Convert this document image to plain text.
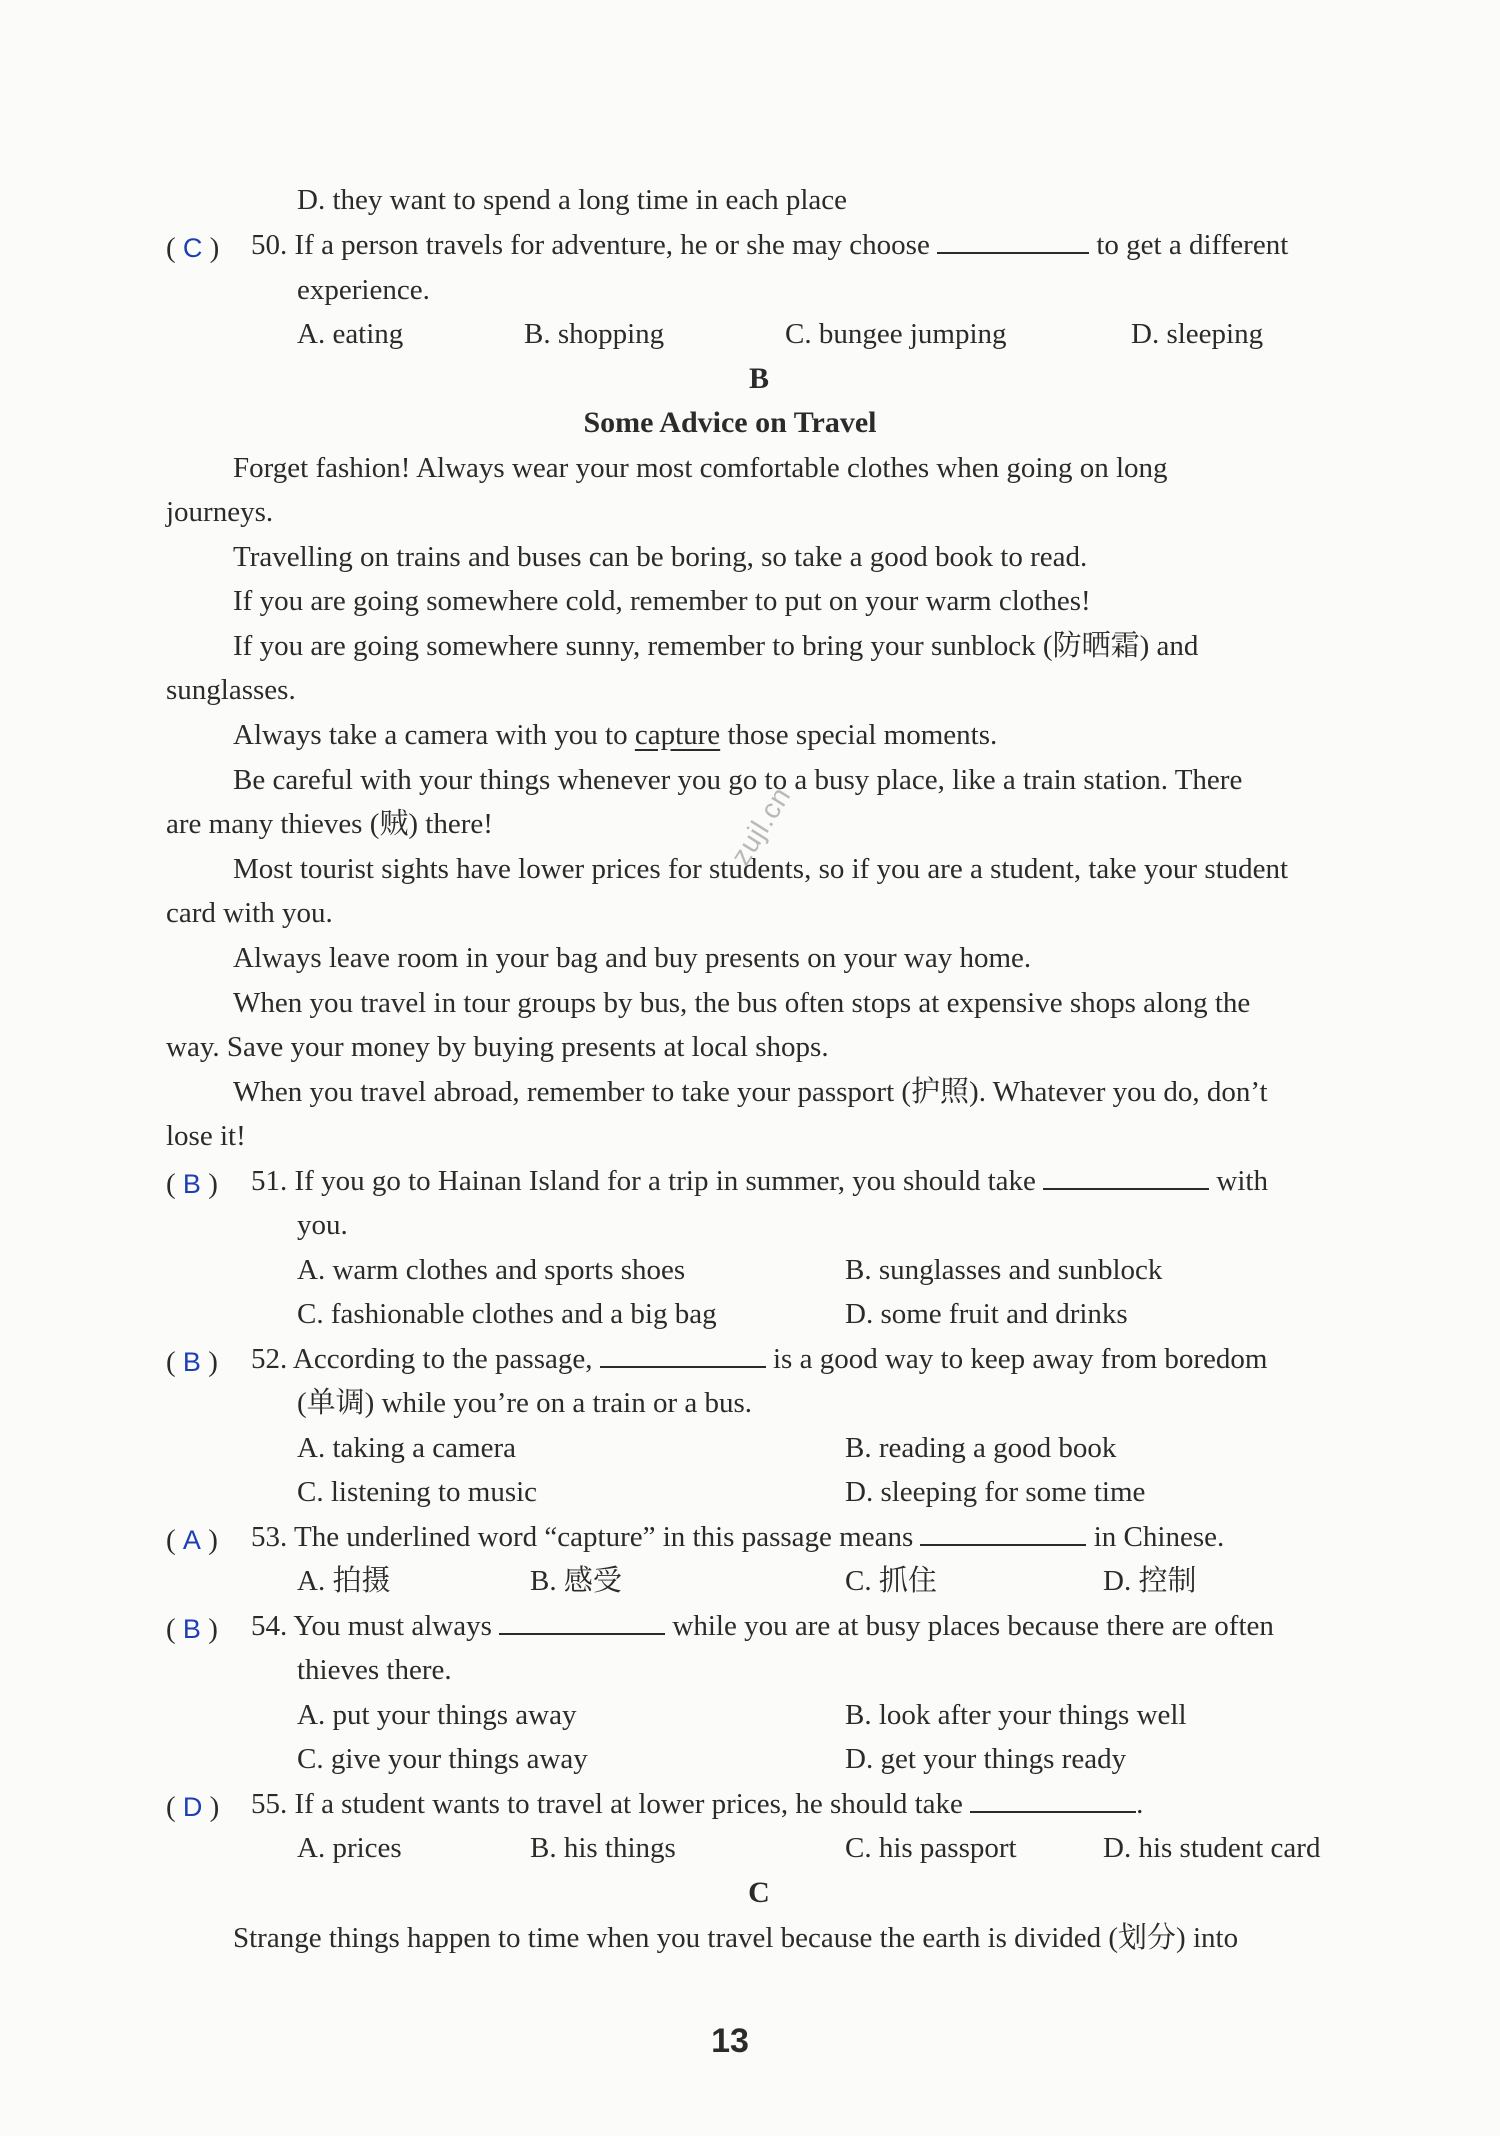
D. they want to spend a long time in each place
( C ) 50. If a person travels for adventure, he or she may choose	to get a different
experience.
A. eating	B. shopping	C. bungee jumping	D. sleeping
B
Some Advice on Travel
Forget fashion! Always wear your most comfortable clothes when going on long
journeys.
Travelling on trains and buses can be boring, so take a good book to read.
If you are going somewhere cold, remember to put on your warm clothes!
If you are going somewhere sunny, remember to bring your sunblock (防晒霜) and
sunglasses.
Always take a camera with you to capture those special moments.
Be careful with your things whenever you go to a busy place, like a train station. There
are many thieves (贼) there!
Most tourist sights have lower prices for students, so if you are a student, take your student
card with you.
Always leave room in your bag and buy presents on your way home.
When you travel in tour groups by bus, the bus often stops at expensive shops along the
way. Save your money by buying presents at local shops.
When you travel abroad, remember to take your passport (护照). Whatever you do, don’t
lose it!
( B ) 51. If you go to Hainan Island for a trip in summer, you should take	with
you.
A. warm clothes and sports shoes	B. sunglasses and sunblock
C. fashionable clothes and a big bag	D. some fruit and drinks
( B ) 52. According to the passage,	is a good way to keep away from boredom
(单调) while you’re on a train or a bus.
A. taking a camera	B. reading a good book
C. listening to music	D. sleeping for some time
( A ) 53. The underlined word “capture” in this passage means	in Chinese.
A. 拍摄	B. 感受	C. 抓住	D. 控制
( B ) 54. You must always	while you are at busy places because there are often
thieves there.
A. put your things away	B. look after your things well
C. give your things away	D. get your things ready
( D ) 55. If a student wants to travel at lower prices, he should take	.
A. prices	B. his things	C. his passport	D. his student card
C
Strange things happen to time when you travel because the earth is divided (划分) into
zujl.cn
13
